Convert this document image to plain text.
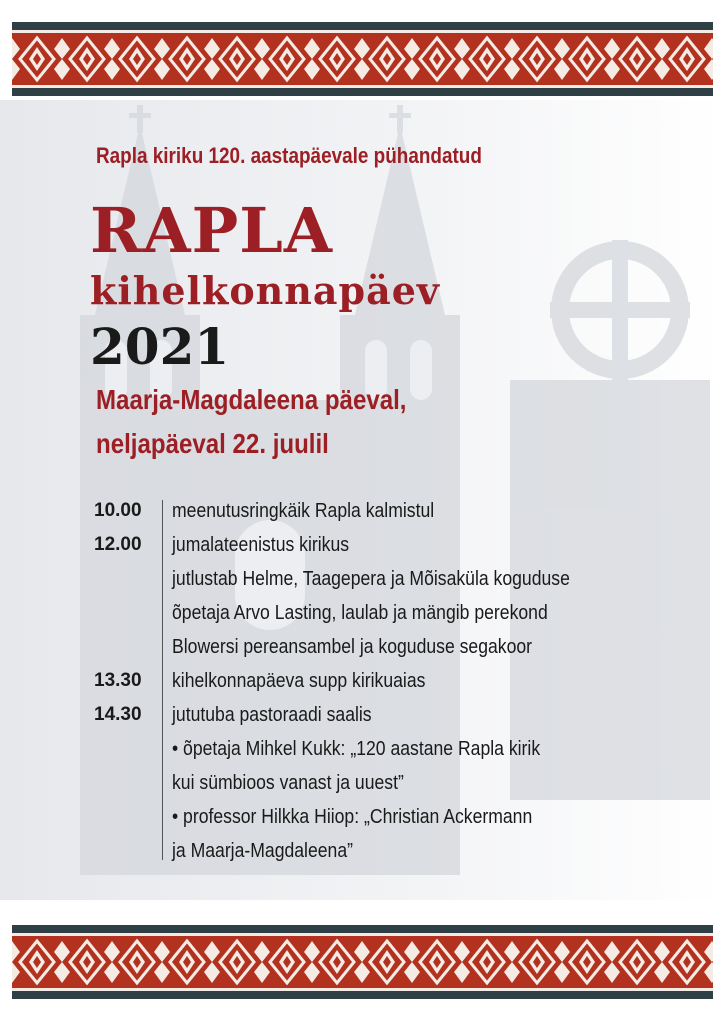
Rapla kiriku 120. aastapäevale pühandatud
RAPLA
kihelkonnapäev
2021
Maarja-Magdaleena päeval,
neljapäeval 22. juulil
10.00	meenutusringkäik Rapla kalmistul
12.00	jumalateenistus kirikus
jutlustab Helme, Taagepera ja Mõisaküla koguduse
õpetaja Arvo Lasting, laulab ja mängib perekond
Blowersi pereansambel ja koguduse segakoor
13.30	kihelkonnapäeva supp kirikuaias
14.30	jututuba pastoraadi saalis
• õpetaja Mihkel Kukk: „120 aastane Rapla kirik
kui sümbioos vanast ja uuest”
• professor Hilkka Hiiop: „Christian Ackermann
ja Maarja-Magdaleena”
